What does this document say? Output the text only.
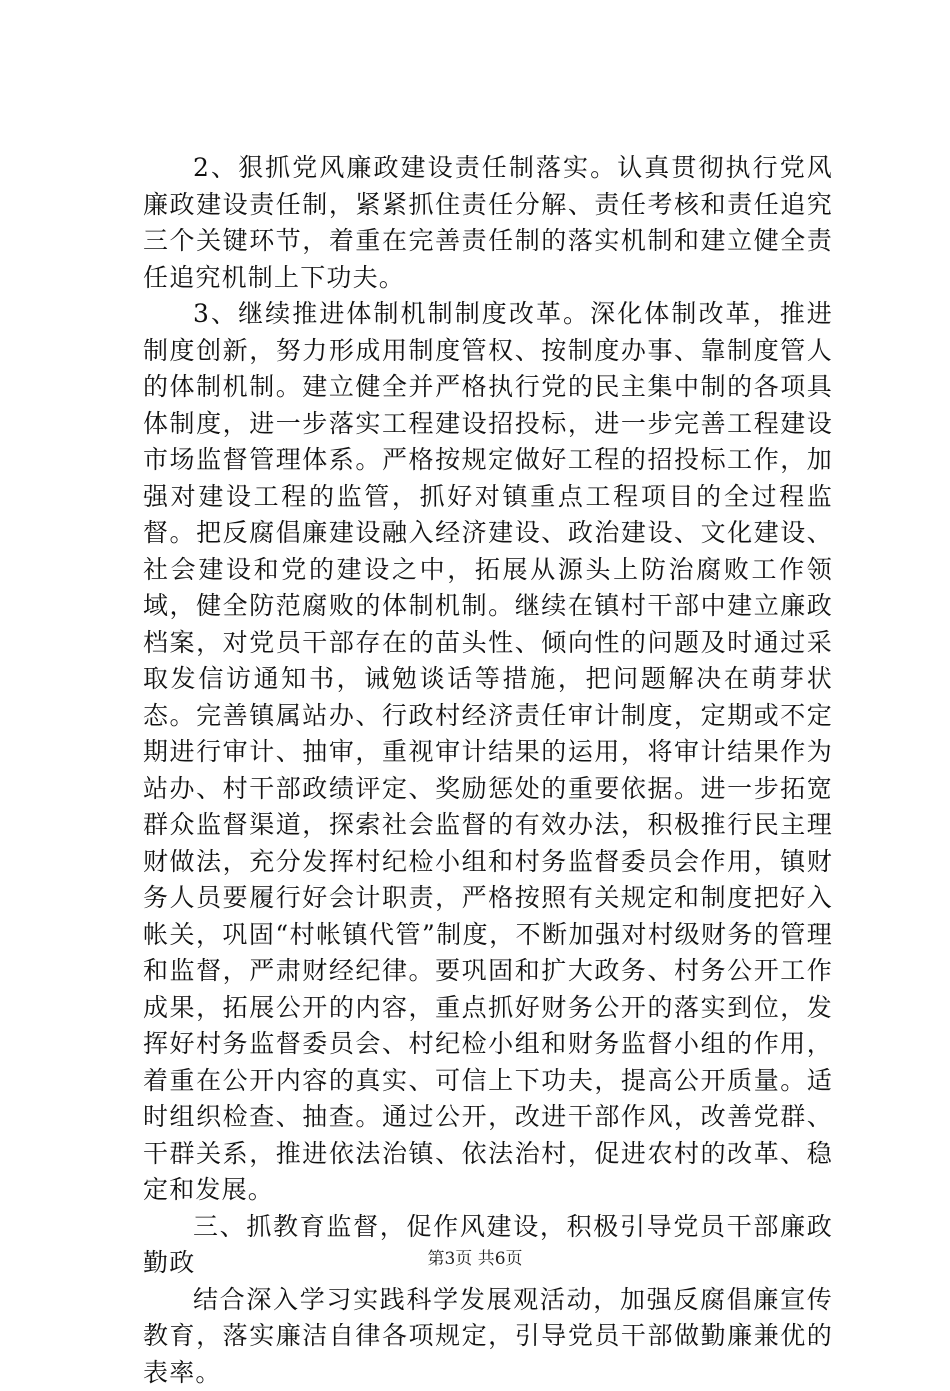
2、狠抓党风廉政建设责任制落实。认真贯彻执行党风廉政建设责任制，紧紧抓住责任分解、责任考核和责任追究三个关键环节，着重在完善责任制的落实机制和建立健全责任追究机制上下功夫。

3、继续推进体制机制制度改革。深化体制改革，推进制度创新，努力形成用制度管权、按制度办事、靠制度管人的体制机制。建立健全并严格执行党的民主集中制的各项具体制度，进一步落实工程建设招投标，进一步完善工程建设市场监督管理体系。严格按规定做好工程的招投标工作，加强对建设工程的监管，抓好对镇重点工程项目的全过程监督。把反腐倡廉建设融入经济建设、政治建设、文化建设、社会建设和党的建设之中，拓展从源头上防治腐败工作领域，健全防范腐败的体制机制。继续在镇村干部中建立廉政档案，对党员干部存在的苗头性、倾向性的问题及时通过采取发信访通知书，诫勉谈话等措施，把问题解决在萌芽状态。完善镇属站办、行政村经济责任审计制度，定期或不定期进行审计、抽审，重视审计结果的运用，将审计结果作为站办、村干部政绩评定、奖励惩处的重要依据。进一步拓宽群众监督渠道，探索社会监督的有效办法，积极推行民主理财做法，充分发挥村纪检小组和村务监督委员会作用，镇财务人员要履行好会计职责，严格按照有关规定和制度把好入帐关，巩固“村帐镇代管”制度，不断加强对村级财务的管理和监督，严肃财经纪律。要巩固和扩大政务、村务公开工作成果，拓展公开的内容，重点抓好财务公开的落实到位，发挥好村务监督委员会、村纪检小组和财务监督小组的作用，着重在公开内容的真实、可信上下功夫，提高公开质量。适时组织检查、抽查。通过公开，改进干部作风，改善党群、干群关系，推进依法治镇、依法治村，促进农村的改革、稳定和发展。

三、抓教育监督，促作风建设，积极引导党员干部廉政勤政

结合深入学习实践科学发展观活动，加强反腐倡廉宣传教育，落实廉洁自律各项规定，引导党员干部做勤廉兼优的表率。

第3页 共6页
